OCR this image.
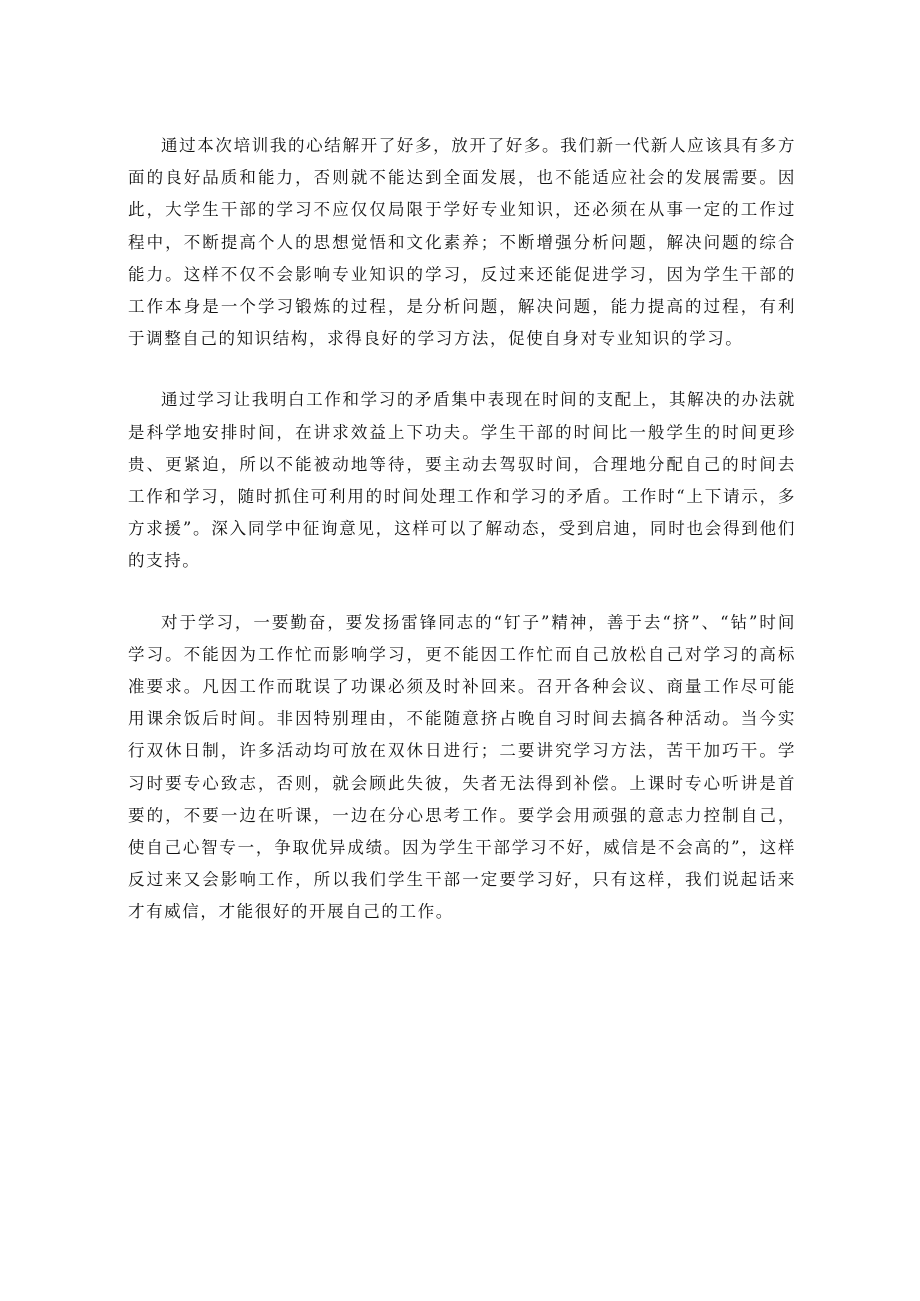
通过本次培训我的心结解开了好多，放开了好多。我们新一代新人应该具有多方面的良好品质和能力，否则就不能达到全面发展，也不能适应社会的发展需要。因此，大学生干部的学习不应仅仅局限于学好专业知识，还必须在从事一定的工作过程中，不断提高个人的思想觉悟和文化素养；不断增强分析问题，解决问题的综合能力。这样不仅不会影响专业知识的学习，反过来还能促进学习，因为学生干部的工作本身是一个学习锻炼的过程，是分析问题，解决问题，能力提高的过程，有利于调整自己的知识结构，求得良好的学习方法，促使自身对专业知识的学习。

通过学习让我明白工作和学习的矛盾集中表现在时间的支配上，其解决的办法就是科学地安排时间，在讲求效益上下功夫。学生干部的时间比一般学生的时间更珍贵、更紧迫，所以不能被动地等待，要主动去驾驭时间，合理地分配自己的时间去工作和学习，随时抓住可利用的时间处理工作和学习的矛盾。工作时“上下请示，多方求援”。深入同学中征询意见，这样可以了解动态，受到启迪，同时也会得到他们的支持。

对于学习，一要勤奋，要发扬雷锋同志的“钉子”精神，善于去“挤”、“钻”时间学习。不能因为工作忙而影响学习，更不能因工作忙而自己放松自己对学习的高标准要求。凡因工作而耽误了功课必须及时补回来。召开各种会议、商量工作尽可能用课余饭后时间。非因特别理由，不能随意挤占晚自习时间去搞各种活动。当今实行双休日制，许多活动均可放在双休日进行；二要讲究学习方法，苦干加巧干。学习时要专心致志，否则，就会顾此失彼，失者无法得到补偿。上课时专心听讲是首要的，不要一边在听课，一边在分心思考工作。要学会用顽强的意志力控制自己，使自己心智专一，争取优异成绩。因为学生干部学习不好，威信是不会高的”，这样反过来又会影响工作，所以我们学生干部一定要学习好，只有这样，我们说起话来才有威信，才能很好的开展自己的工作。
